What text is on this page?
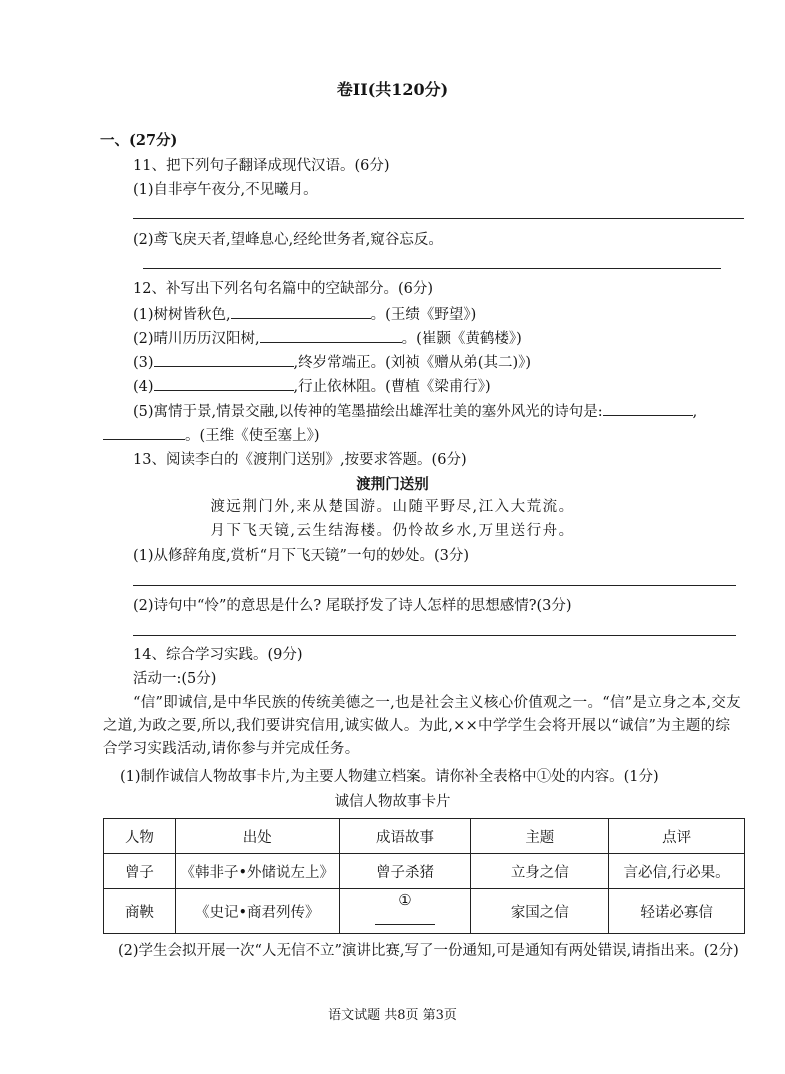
卷II(共120分)
一、(27分)
11、把下列句子翻译成现代汉语。(6分)
(1)自非亭午夜分,不见曦月。
(2)鸢飞戾天者,望峰息心,经纶世务者,窥谷忘反。
12、补写出下列名句名篇中的空缺部分。(6分)
(1)树树皆秋色,	。(王绩《野望》)
(2)晴川历历汉阳树,	。(崔颢《黄鹤楼》)
(3)	,终岁常端正。(刘祯《赠从弟(其二)》)
(4)	,行止依林阻。(曹植《梁甫行》)
(5)寓情于景,情景交融,以传神的笔墨描绘出雄浑壮美的塞外风光的诗句是:	,
。(王维《使至塞上》)
13、阅读李白的《渡荆门送别》,按要求答题。(6分)
渡荆门送别
渡远荆门外,来从楚国游。山随平野尽,江入大荒流。
月下飞天镜,云生结海楼。仍怜故乡水,万里送行舟。
(1)从修辞角度,赏析“月下飞天镜”一句的妙处。(3分)
(2)诗句中“怜”的意思是什么? 尾联抒发了诗人怎样的思想感情?(3分)
14、综合学习实践。(9分)
活动一:(5分)
“信”即诚信,是中华民族的传统美德之一,也是社会主义核心价值观之一。“信”是立身之本,交友之道,为政之要,所以,我们要讲究信用,诚实做人。为此,××中学学生会将开展以“诚信”为主题的综合学习实践活动,请你参与并完成任务。
(1)制作诚信人物故事卡片,为主要人物建立档案。请你补全表格中①处的内容。(1分)
诚信人物故事卡片
人物	出处	成语故事	主题	点评
曾子	《韩非子•外储说左上》	曾子杀猪	立身之信	言必信,行必果。
商鞅	《史记•商君列传》	①	家国之信	轻诺必寡信
(2)学生会拟开展一次“人无信不立”演讲比赛,写了一份通知,可是通知有两处错误,请指出来。(2分)
语文试题 共8页 第3页
